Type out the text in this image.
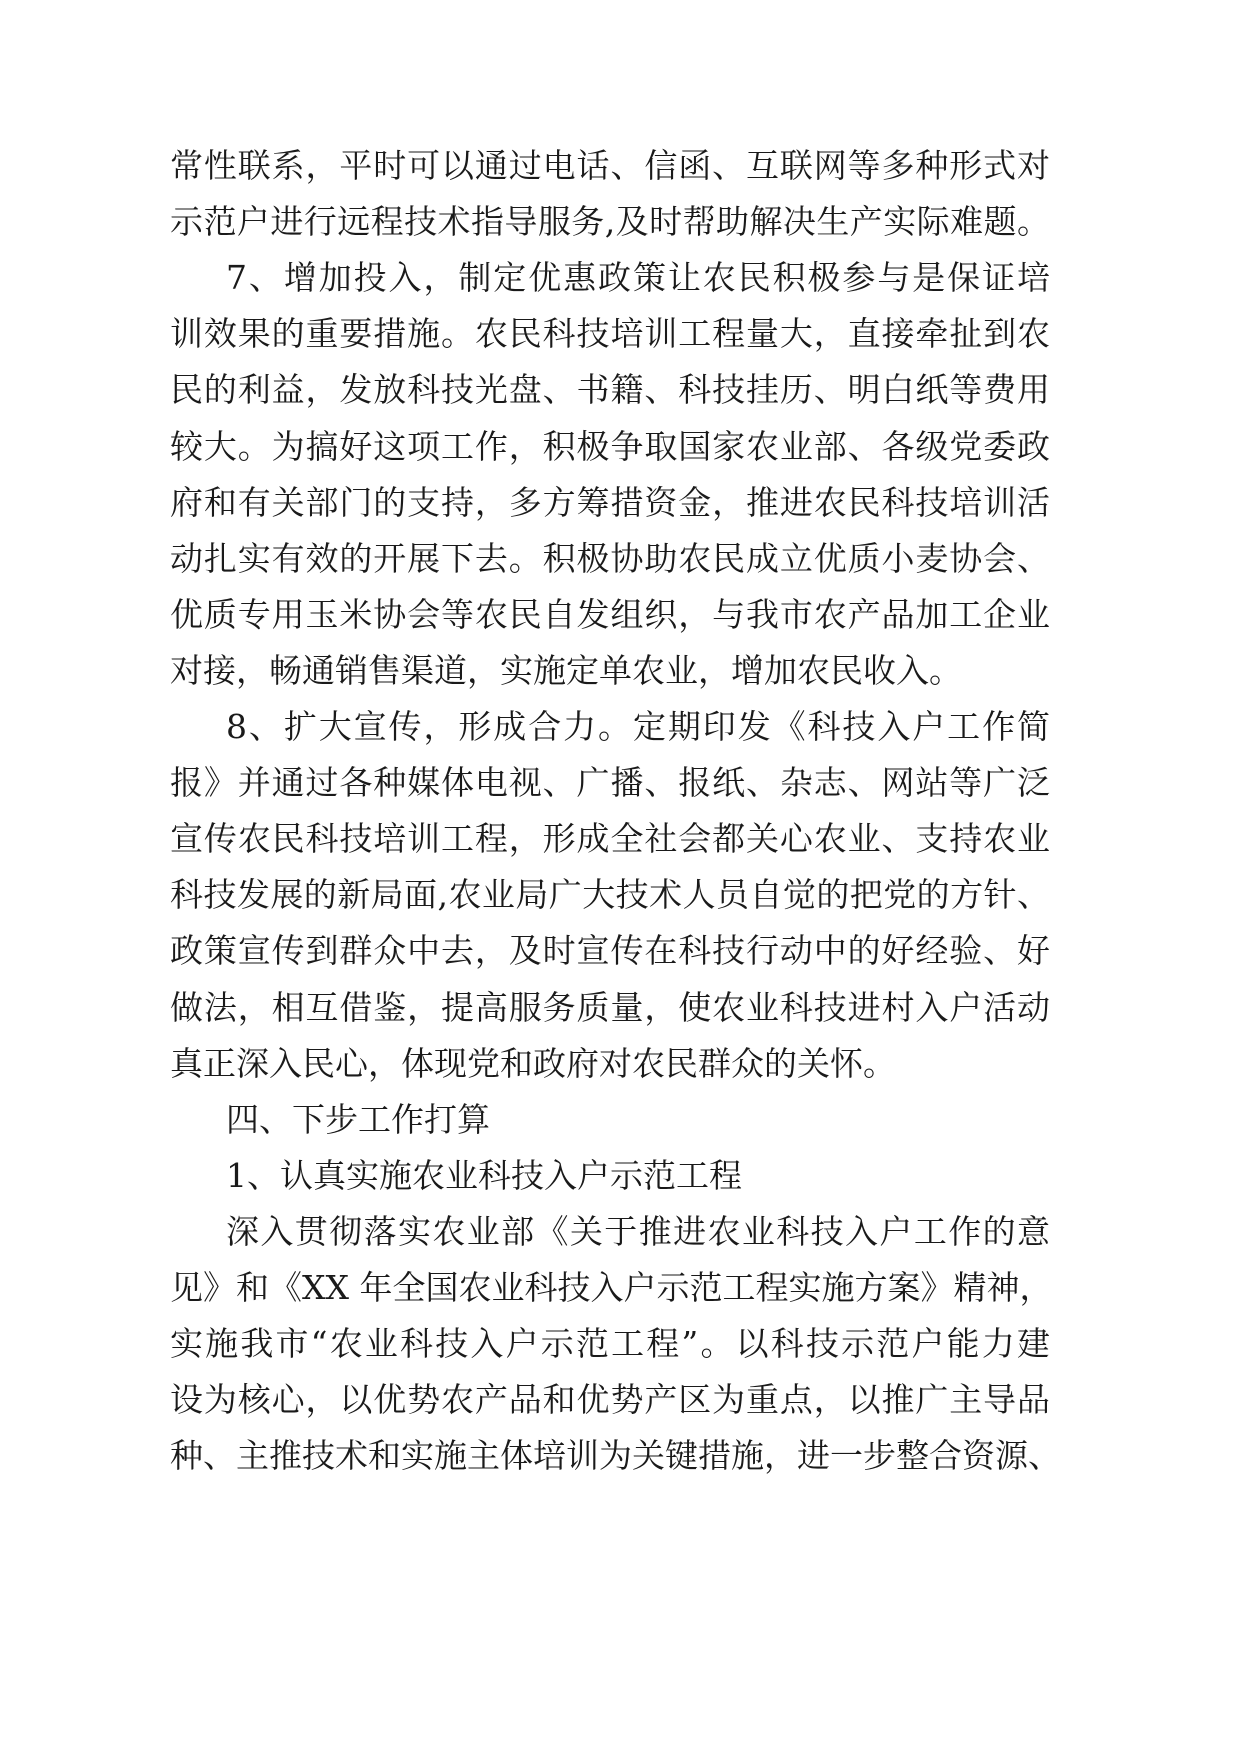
常性联系，平时可以通过电话、信函、互联网等多种形式对
示范户进行远程技术指导服务,及时帮助解决生产实际难题。
7、增加投入，制定优惠政策让农民积极参与是保证培
训效果的重要措施。农民科技培训工程量大，直接牵扯到农
民的利益，发放科技光盘、书籍、科技挂历、明白纸等费用
较大。为搞好这项工作，积极争取国家农业部、各级党委政
府和有关部门的支持，多方筹措资金，推进农民科技培训活
动扎实有效的开展下去。积极协助农民成立优质小麦协会、
优质专用玉米协会等农民自发组织，与我市农产品加工企业
对接，畅通销售渠道，实施定单农业，增加农民收入。
8、扩大宣传，形成合力。定期印发《科技入户工作简
报》并通过各种媒体电视、广播、报纸、杂志、网站等广泛
宣传农民科技培训工程，形成全社会都关心农业、支持农业
科技发展的新局面,农业局广大技术人员自觉的把党的方针、
政策宣传到群众中去，及时宣传在科技行动中的好经验、好
做法，相互借鉴，提高服务质量，使农业科技进村入户活动
真正深入民心，体现党和政府对农民群众的关怀。
四、下步工作打算
1、认真实施农业科技入户示范工程
深入贯彻落实农业部《关于推进农业科技入户工作的意
见》和《XX 年全国农业科技入户示范工程实施方案》精神，
实施我市“农业科技入户示范工程”。以科技示范户能力建
设为核心，以优势农产品和优势产区为重点，以推广主导品
种、主推技术和实施主体培训为关键措施，进一步整合资源、
